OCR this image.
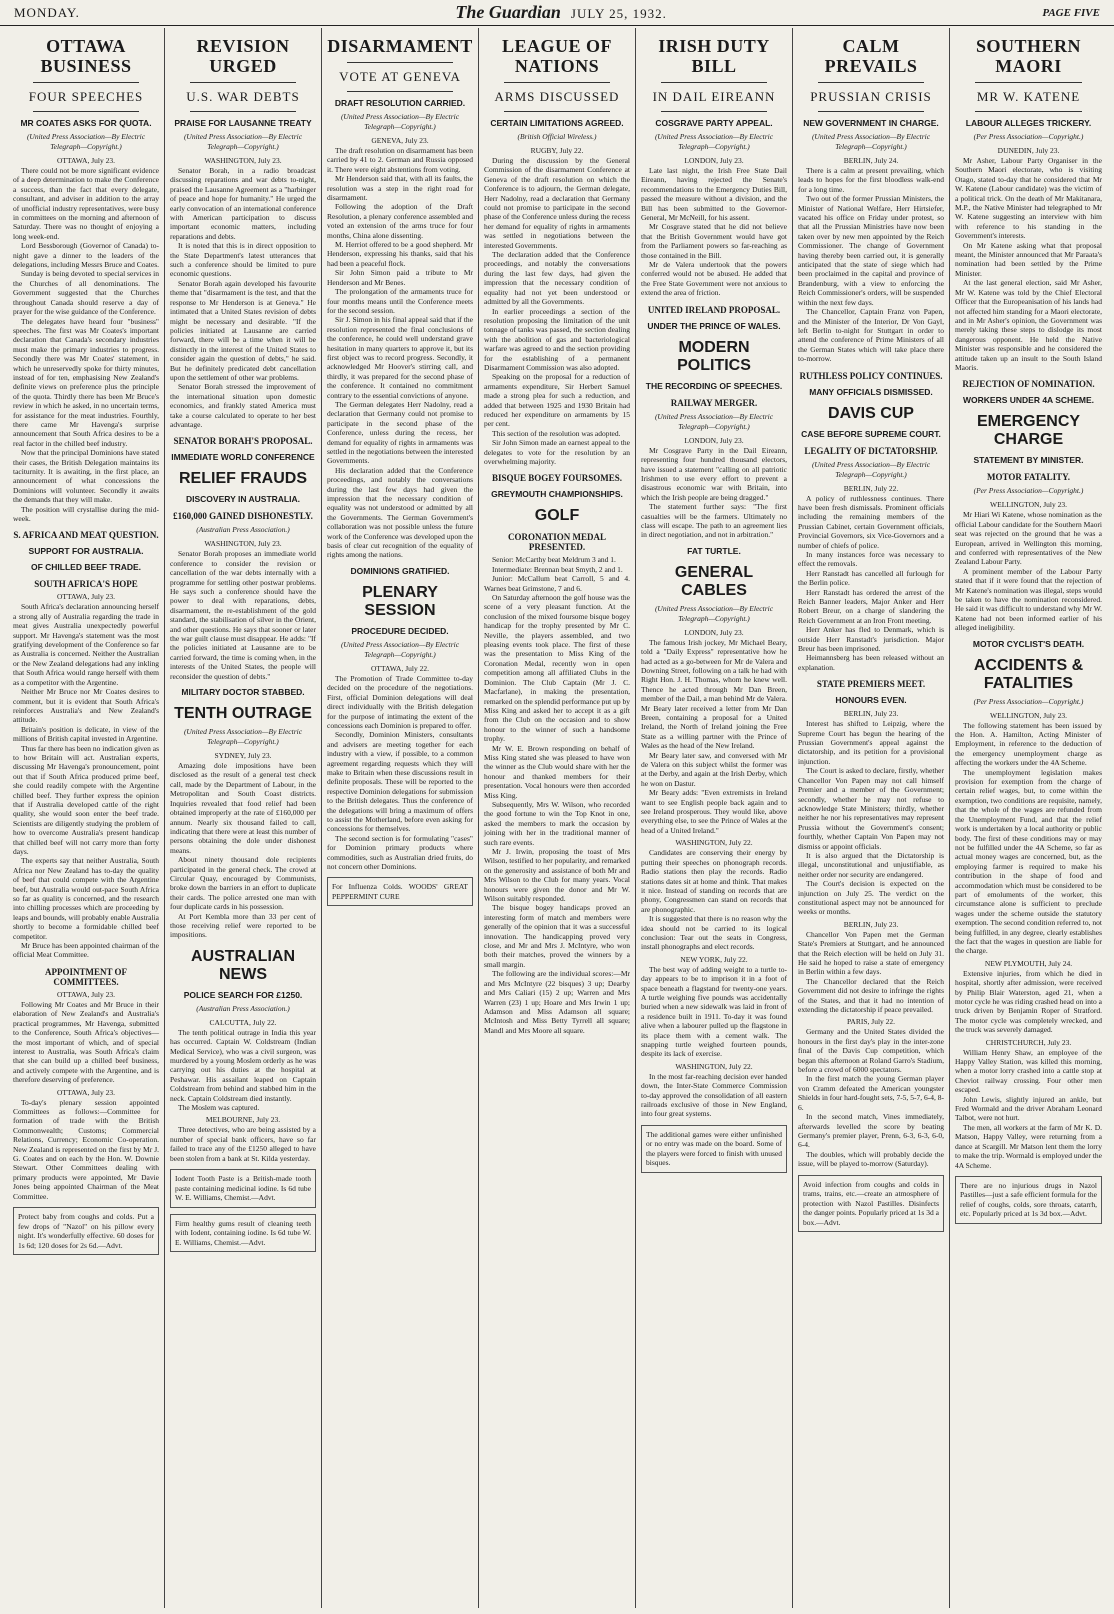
MONDAY.	The Guardian JULY 25, 1932.	PAGE FIVE
OTTAWA BUSINESS
FOUR SPEECHES
MR COATES ASKS FOR QUOTA.
(United Press Association—By Electric Telegraph—Copyright.)
OTTAWA, July 23.

There could not be more significant evidence of a deep determination to make the Conference a success, than the fact that every delegate, consultant, and adviser in addition to the array of unofficial industry representatives, were busy in committees on the morning and afternoon of Saturday. There was no thought of enjoying a long week-end.

Lord Bessborough (Governor of Canada) to-night gave a dinner to the leaders of the delegations, including Messrs Bruce and Coates.

Sunday is being devoted to special services in the Churches of all denominations. The Government suggested that the Churches throughout Canada should reserve a day of prayer for the wise guidance of the Conference.

The delegates have heard four "business" speeches. The first was Mr Coates's important declaration that Canada's secondary industries must make the primary industries to progress. Secondly there was Mr Coates' statement, in which he unreservedly spoke for thirty minutes, instead of for ten, emphasising New Zealand's definite views on preference plus the principle of the quota. Thirdly there has been Mr Bruce's review in which he asked, in no uncertain terms, for assistance for the meat industries. Fourthly, there came Mr Havenga's surprise announcement that South Africa desires to be a real factor in the chilled beef industry.

Now that the principal Dominions have stated their cases, the British Delegation maintains its taciturnity. It is awaiting, in the first place, an announcement of what concessions the Dominions will volunteer. Secondly it awaits the demands that they will make.

The position will crystallise during the mid-week.

S. AFRICA AND MEAT QUESTION.
SUPPORT FOR AUSTRALIA.
OF CHILLED BEEF TRADE.
SOUTH AFRICA'S HOPE
OTTAWA, July 23.

South Africa's declaration announcing herself a strong ally of Australia regarding the trade in meat gives Australia unexpectedly powerful support. Mr Havenga's statement was the most gratifying development of the Conference so far as Australia is concerned. Neither the Australian or the New Zealand delegations had any inkling that South Africa would range herself with them as a competitor with the Argentine.

Neither Mr Bruce nor Mr Coates desires to comment, but it is evident that South Africa's reinforces Australia's and New Zealand's attitude.

Britain's position is delicate, in view of the millions of British capital invested in Argentine.

Thus far there has been no indication given as to how Britain will act. Australian experts, discussing Mr Havenga's pronouncement, point out that if South Africa produced prime beef, she could readily compete with the Argentine chilled beef. They further express the opinion that if Australia developed cattle of the right quality, she would soon enter the beef trade. Scientists are diligently studying the problem of how to overcome Australia's present handicap that chilled beef will not carry more than forty days.

The experts say that neither Australia, South Africa nor New Zealand has to-day the quality of beef that could compete with the Argentine beef, but Australia would out-pace South Africa so far as quality is concerned, and the research into chilling processes which are proceeding by leaps and bounds, will probably enable Australia shortly to become a formidable chilled beef competitor.

Mr Bruce has been appointed chairman of the official Meat Committee.

APPOINTMENT OF COMMITTEES.
OTTAWA, July 23.

Following Mr Coates and Mr Bruce in their elaboration of New Zealand's and Australia's practical programmes, Mr Havenga, submitted to the Conference, South Africa's objectives—the most important of which, and of special interest to Australia, was South Africa's claim that she can build up a chilled beef business, and actively compete with the Argentine, and is therefore deserving of preference.

OTTAWA, July 23.

To-day's plenary session appointed Committees as follows:—Committee for formation of trade with the British Commonwealth; Customs; Commercial Relations, Currency; Economic Co-operation. New Zealand is represented on the first by Mr J. G. Coates and on each by the Hon. W. Downie Stewart. Other Committees dealing with primary products were appointed, Mr Davie Jones being appointed Chairman of the Meat Committee.

Protect baby from coughs and colds. Put a few drops of "Nazol" on his pillow every night. It's wonderfully effective. 60 doses for 1s 6d; 120 doses for 2s 6d.—Advt.
REVISION URGED
U.S. WAR DEBTS
PRAISE FOR LAUSANNE TREATY
(United Press Association—By Electric Telegraph—Copyright.)
WASHINGTON, July 23.

Senator Borah, in a radio broadcast discussing reparations and war debts to-night, praised the Lausanne Agreement as a "harbinger of peace and hope for humanity." He urged the early convocation of an international conference with American participation to discuss important economic matters, including reparations and debts.

It is noted that this is in direct opposition to the State Department's latest utterances that such a conference should be limited to pure economic questions.

Senator Borah again developed his favourite theme that "disarmament is the test, and that the response to Mr Henderson is at Geneva." He intimated that a United States revision of debts might be necessary and desirable. "If the policies initiated at Lausanne are carried forward, there will be a time when it will be distinctly in the interest of the United States to consider again the question of debts," he said. But he definitely predicated debt cancellation upon the settlement of other war problems.

Senator Borah stressed the improvement of the international situation upon domestic economics, and frankly stated America must take a course calculated to operate to her best advantage.

SENATOR BORAH'S PROPOSAL.
IMMEDIATE WORLD CONFERENCE
RELIEF FRAUDS
DISCOVERY IN AUSTRALIA.
£160,000 GAINED DISHONESTLY.
(Australian Press Association.)
WASHINGTON, July 23.

Senator Borah proposes an immediate world conference to consider the revision or cancellation of the war debts internally with a programme for settling other postwar problems. He says such a conference should have the power to deal with reparations, debts, disarmament, the re-establishment of the gold standard, the stabilisation of silver in the Orient, and other questions. He says that sooner or later the war guilt clause must disappear. He adds: "If the policies initiated at Lausanne are to be carried forward, the time is coming when, in the interests of the United States, the people will reconsider the question of debts."

MILITARY DOCTOR STABBED.
TENTH OUTRAGE
(United Press Association—By Electric Telegraph—Copyright.)
SYDNEY, July 23.

Amazing dole impositions have been disclosed as the result of a general test check call, made by the Department of Labour, in the Metropolitan and South Coast districts. Inquiries revealed that food relief had been obtained improperly at the rate of £160,000 per annum. Nearly six thousand failed to call, indicating that there were at least this number of persons obtaining the dole under dishonest means.

About ninety thousand dole recipients participated in the general check. The crowd at Circular Quay, encouraged by Communists, broke down the barriers in an effort to duplicate their cards. The police arrested one man with four duplicate cards in his possession.

At Port Kembla more than 33 per cent of those receiving relief were reported to be impositions.

AUSTRALIAN NEWS
POLICE SEARCH FOR £1250.
(Australian Press Association.)
CALCUTTA, July 22.

The tenth political outrage in India this year has occurred. Captain W. Coldstream (Indian Medical Service), who was a civil surgeon, was murdered by a young Moslem orderly as he was carrying out his duties at the hospital at Peshawar. His assailant leaped on Captain Coldstream from behind and stabbed him in the neck. Captain Coldstream died instantly.

The Moslem was captured.

MELBOURNE, July 23.

Three detectives, who are being assisted by a number of special bank officers, have so far failed to trace any of the £1250 alleged to have been stolen from a bank at St. Kilda yesterday.

Iodent Tooth Paste is a British-made tooth paste containing medicinal iodine. Is 6d tube W. E. Williams, Chemist.—Advt.
Firm healthy gums result of cleaning teeth with Iodent, containing iodine. Is 6d tube W. E. Williams, Chemist.—Advt.
DISARMAMENT
VOTE AT GENEVA
DRAFT RESOLUTION CARRIED.
(United Press Association—By Electric Telegraph—Copyright.)
GENEVA, July 23.

The draft resolution on disarmament has been carried by 41 to 2. German and Russia opposed it. There were eight abstentions from voting.

Mr Henderson said that, with all its faults, the resolution was a step in the right road for disarmament.

Following the adoption of the Draft Resolution, a plenary conference assembled and voted an extension of the arms truce for four months, China alone dissenting.

M. Herriot offered to be a good shepherd. Mr Henderson, expressing his thanks, said that his had been a peaceful flock.

Sir John Simon paid a tribute to Mr Henderson and Mr Benes.

The prolongation of the armaments truce for four months means until the Conference meets for the second session.

Sir J. Simon in his final appeal said that if the resolution represented the final conclusions of the conference, he could well understand grave hesitation in many quarters to approve it, but its first object was to record progress. Secondly, it acknowledged Mr Hoover's stirring call, and thirdly, it was prepared for the second phase of the conference. It contained no commitment contrary to the essential convictions of anyone.

The German delegates Herr Nadolny, read a declaration that Germany could not promise to participate in the second phase of the Conference, unless during the recess, her demand for equality of rights in armaments was settled in the negotiations between the interested Governments.

His declaration added that the Conference proceedings, and notably the conversations during the last few days had given the impression that the necessary condition of equality was not understood or admitted by all the Governments. The German Government's collaboration was not possible unless the future work of the Conference was developed upon the basis of clear cut recognition of the equality of rights among the nations.

DOMINIONS GRATIFIED.
PLENARY SESSION
PROCEDURE DECIDED.
(United Press Association—By Electric Telegraph—Copyright.)
OTTAWA, July 22.

The Promotion of Trade Committee to-day decided on the procedure of the negotiations. First, official Dominion delegations will deal direct individually with the British delegation for the purpose of intimating the extent of the concessions each Dominion is prepared to offer.

Secondly, Dominion Ministers, consultants and advisers are meeting together for each industry with a view, if possible, to a common agreement regarding requests which they will make to Britain when these discussions result in definite proposals. These will be reported to the respective Dominion delegations for submission to the British delegates. Thus the conference of the delegations will bring a maximum of offers to assist the Motherland, before even asking for concessions for themselves.

The second section is for formulating "cases" for Dominion primary products where commodities, such as Australian dried fruits, do not concern other Dominions.

For Influenza Colds. WOODS' GREAT PEPPERMINT CURE
LEAGUE OF NATIONS
ARMS DISCUSSED
CERTAIN LIMITATIONS AGREED.
(British Official Wireless.)
RUGBY, July 22.

During the discussion by the General Commission of the disarmament Conference at Geneva of the draft resolution on which the Conference is to adjourn, the German delegate, Herr Nadolny, read a declaration that Germany could not promise to participate in the second phase of the Conference unless during the recess her demand for equality of rights in armaments was settled in negotiations between the interested Governments.

The declaration added that the Conference proceedings, and notably the conversations during the last few days, had given the impression that the necessary condition of equality had not yet been understood or admitted by all the Governments.

In earlier proceedings a section of the resolution proposing the limitation of the unit tonnage of tanks was passed, the section dealing with the abolition of gas and bacteriological warfare was agreed to and the section providing for the establishing of a permanent Disarmament Commission was also adopted.

Speaking on the proposal for a reduction of armaments expenditure, Sir Herbert Samuel made a strong plea for such a reduction, and added that between 1925 and 1930 Britain had reduced her expenditure on armaments by 15 per cent.

This section of the resolution was adopted.

Sir John Simon made an earnest appeal to the delegates to vote for the resolution by an overwhelming majority.

BISQUE BOGEY FOURSOMES.
GREYMOUTH CHAMPIONSHIPS.
GOLF
CORONATION MEDAL PRESENTED.

Senior: McCarthy beat Meldrum 3 and 1.

Intermediate: Brennan beat Smyth, 2 and 1.

Junior: McCallum beat Carroll, 5 and 4. Warnes beat Grimstone, 7 and 6.

On Saturday afternoon the golf house was the scene of a very pleasant function. At the conclusion of the mixed foursome bisque bogey handicap for the trophy presented by Mr C. Neville, the players assembled, and two pleasing events took place. The first of these was the presentation to Miss King of the Coronation Medal, recently won in open competition among all affiliated Clubs in the Dominion. The Club Captain (Mr J. C. Macfarlane), in making the presentation, remarked on the splendid performance put up by Miss King and asked her to accept it as a gift from the Club on the occasion and to show honour to the winner of such a handsome trophy.

Mr W. E. Brown responding on behalf of Miss King stated she was pleased to have won the winner as the Club would share with her the honour and thanked members for their presentation. Vocal honours were then accorded Miss King.

Subsequently, Mrs W. Wilson, who recorded the good fortune to win the Top Knot in one, asked the members to mark the occasion by joining with her in the traditional manner of such rare events.

Mr J. Irwin, proposing the toast of Mrs Wilson, testified to her popularity, and remarked on the generosity and assistance of both Mr and Mrs Wilson to the Club for many years. Vocal honours were given the donor and Mr W. Wilson suitably responded.

The bisque bogey handicaps proved an interesting form of match and members were generally of the opinion that it was a successful innovation. The handicapping proved very close, and Mr and Mrs J. McIntyre, who won both their matches, proved the winners by a small margin.

The following are the individual scores:—Mr and Mrs McIntyre (22 bisques) 3 up; Dearby and Mrs Caliari (15) 2 up; Warren and Mrs Warren (23) 1 up; Hoare and Mrs Irwin 1 up; Adamson and Miss Adamson all square; McIntosh and Miss Betty Tyrrell all square; Mandl and Mrs Moore all square.

IRISH DUTY BILL
IN DAIL EIREANN
COSGRAVE PARTY APPEAL.
(United Press Association—By Electric Telegraph—Copyright.)
LONDON, July 23.

Late last night, the Irish Free State Dail Eireann, having rejected the Senate's recommendations to the Emergency Duties Bill, passed the measure without a division, and the Bill has been submitted to the Governor-General, Mr McNeill, for his assent.

Mr Cosgrave stated that he did not believe that the British Government would have got from the Parliament powers so far-reaching as those contained in the Bill.

Mr de Valera undertook that the powers conferred would not be abused. He added that the Free State Government were not anxious to extend the area of friction.

UNITED IRELAND PROPOSAL.
UNDER THE PRINCE OF WALES.
MODERN POLITICS
THE RECORDING OF SPEECHES.
RAILWAY MERGER.
(United Press Association—By Electric Telegraph—Copyright.)
LONDON, July 23.

Mr Cosgrave Party in the Dail Eireann, representing four hundred thousand electors, have issued a statement "calling on all patriotic Irishmen to use every effort to prevent a disastrous economic war with Britain, into which the Irish people are being dragged."

The statement further says: "The first casualties will be the farmers. Ultimately no class will escape. The path to an agreement lies in direct negotiation, and not in arbitration."

FAT TURTLE.
GENERAL CABLES
(United Press Association—By Electric Telegraph—Copyright.)
LONDON, July 23.

The famous Irish jockey, Mr Michael Beary, told a "Daily Express" representative how he had acted as a go-between for Mr de Valera and Downing Street, following on a talk he had with Right Hon. J. H. Thomas, whom he knew well. Thence he acted through Mr Dan Breen, member of the Dail, a man behind Mr de Valera. Mr Beary later received a letter from Mr Dan Breen, containing a proposal for a United Ireland, the North of Ireland joining the Free State as a willing partner with the Prince of Wales as the head of the New Ireland.

Mr Beary later saw, and conversed with Mr de Valera on this subject whilst the former was at the Derby, and again at the Irish Derby, which he won on Dastur.

Mr Beary adds: "Even extremists in Ireland want to see English people back again and to see Ireland prosperous. They would like, above everything else, to see the Prince of Wales at the head of a United Ireland."

WASHINGTON, July 22.

Candidates are conserving their energy by putting their speeches on phonograph records. Radio stations then play the records. Radio stations dates sit at home and think. That makes it nice. Instead of standing on records that are phony, Congressmen can stand on records that are phonographic.

It is suggested that there is no reason why the idea should not be carried to its logical conclusion: Tear out the seats in Congress, install phonographs and elect records.

NEW YORK, July 22.

The best way of adding weight to a turtle to-day appears to be to imprison it in a foot of space beneath a flagstand for twenty-one years. A turtle weighing five pounds was accidentally buried when a new sidewalk was laid in front of a residence built in 1911. To-day it was found alive when a labourer pulled up the flagstone in its place them with a cement walk. The snapping turtle weighed fourteen pounds, despite its lack of exercise.

WASHINGTON, July 22.

In the most far-reaching decision ever handed down, the Inter-State Commerce Commission to-day approved the consolidation of all eastern railroads exclusive of those in New England, into four great systems.

The additional games were either unfinished or no entry was made on the board. Some of the players were forced to finish with unused bisques.
CALM PREVAILS
PRUSSIAN CRISIS
NEW GOVERNMENT IN CHARGE.
(United Press Association—By Electric Telegraph—Copyright.)
BERLIN, July 24.

There is a calm at present prevailing, which leads to hopes for the first bloodless walk-end for a long time.

Two out of the former Prussian Ministers, the Minister of National Welfare, Herr Hirtsiefer, vacated his office on Friday under protest, so that all the Prussian Ministries have now been taken over by new men appointed by the Reich Commissioner. The change of Government having thereby been carried out, it is generally anticipated that the state of siege which had been proclaimed in the capital and province of Brandenburg, with a view to enforcing the Reich Commissioner's orders, will be suspended within the next few days.

The Chancellor, Captain Franz von Papen, and the Minister of the Interior, Dr Von Gayl, left Berlin to-night for Stuttgart in order to attend the conference of Prime Ministers of all the German States which will take place there to-morrow.

RUTHLESS POLICY CONTINUES.
MANY OFFICIALS DISMISSED.
DAVIS CUP
CASE BEFORE SUPREME COURT.
LEGALITY OF DICTATORSHIP.
(United Press Association—By Electric Telegraph—Copyright.)
BERLIN, July 22.

A policy of ruthlessness continues. There have been fresh dismissals. Prominent officials including the remaining members of the Prussian Cabinet, certain Government officials, Provincial Governors, six Vice-Governors and a number of chiefs of police.

In many instances force was necessary to effect the removals.

Herr Ranstadt has cancelled all furlough for the Berlin police.

Herr Ranstadt has ordered the arrest of the Reich Banner leaders, Major Anker and Herr Robert Breur, on a charge of slandering the Reich Government at an Iron Front meeting.

Herr Anker has fled to Denmark, which is outside Herr Ranstadt's jurisdiction. Major Breur has been imprisoned.

Heimannsberg has been released without an explanation.

STATE PREMIERS MEET.
HONOURS EVEN.
BERLIN, July 23.

Interest has shifted to Leipzig, where the Supreme Court has begun the hearing of the Prussian Government's appeal against the dictatorship, and its petition for a provisional injunction.

The Court is asked to declare, firstly, whether Chancellor Von Papen may not call himself Premier and a member of the Government; secondly, whether he may not refuse to acknowledge State Ministers; thirdly, whether neither he nor his representatives may represent Prussia without the Government's consent; fourthly, whether Captain Von Papen may not dismiss or appoint officials.

It is also argued that the Dictatorship is illegal, unconstitutional and unjustifiable, as neither order nor security are endangered.

The Court's decision is expected on the injunction on July 25. The verdict on the constitutional aspect may not be announced for weeks or months.

BERLIN, July 23.

Chancellor Von Papen met the German State's Premiers at Stuttgart, and he announced that the Reich election will be held on July 31. He said he hoped to raise a state of emergency in Berlin within a few days.

The Chancellor declared that the Reich Government did not desire to infringe the rights of the States, and that it had no intention of extending the dictatorship if peace prevailed.

PARIS, July 22.

Germany and the United States divided the honours in the first day's play in the inter-zone final of the Davis Cup competition, which began this afternoon at Roland Garro's Stadium, before a crowd of 6000 spectators.

In the first match the young German player von Cramm defeated the American youngster Shields in four hard-fought sets, 7-5, 5-7, 6-4, 8-6.

In the second match, Vines immediately, afterwards levelled the score by beating Germany's premier player, Prenn, 6-3, 6-3, 6-0, 6-4.

The doubles, which will probably decide the issue, will be played to-morrow (Saturday).

Avoid infection from coughs and colds in trams, trains, etc.—create an atmosphere of protection with Nazol Pastilles. Disinfects the danger points. Popularly priced at 1s 3d a box.—Advt.
SOUTHERN MAORI
MR W. KATENE
LABOUR ALLEGES TRICKERY.
(Per Press Association—Copyright.)
DUNEDIN, July 23.

Mr Asher, Labour Party Organiser in the Southern Maori electorate, who is visiting Otago, stated to-day that he considered that Mr W. Katene (Labour candidate) was the victim of a political trick. On the death of Mr Makitanara, M.P., the Native Minister had telegraphed to Mr W. Katene suggesting an interview with him with reference to his standing in the Government's interests.

On Mr Katene asking what that proposal meant, the Minister announced that Mr Paraata's nomination had been settled by the Prime Minister.

At the last general election, said Mr Asher, Mr W. Katene was told by the Chief Electoral Officer that the Europeanisation of his lands had not affected him standing for a Maori electorate, and in Mr Asher's opinion, the Government was merely taking these steps to dislodge its most dangerous opponent. He held the Native Minister was responsible and he considered the attitude taken up an insult to the South Island Maoris.

REJECTION OF NOMINATION.
WORKERS UNDER 4A SCHEME.
EMERGENCY CHARGE
STATEMENT BY MINISTER.
MOTOR FATALITY.
(Per Press Association—Copyright.)
WELLINGTON, July 23.

Mr Hiari Wi Katene, whose nomination as the official Labour candidate for the Southern Maori seat was rejected on the ground that he was a European, arrived in Wellington this morning, and conferred with representatives of the New Zealand Labour Party.

A prominent member of the Labour Party stated that if it were found that the rejection of Mr Katene's nomination was illegal, steps would be taken to have the nomination reconsidered. He said it was difficult to understand why Mr W. Katene had not been informed earlier of his alleged ineligibility.

MOTOR CYCLIST'S DEATH.
ACCIDENTS & FATALITIES
(Per Press Association—Copyright.)
WELLINGTON, July 23.

The following statement has been issued by the Hon. A. Hamilton, Acting Minister of Employment, in reference to the deduction of the emergency unemployment charge as affecting the workers under the 4A Scheme.

The unemployment legislation makes provision for exemption from the charge of certain relief wages, but, to come within the exemption, two conditions are requisite, namely, that the whole of the wages are refunded from the Unemployment Fund, and that the relief work is undertaken by a local authority or public body. The first of these conditions may or may not be fulfilled under the 4A Scheme, so far as actual money wages are concerned, but, as the employing farmer is required to make his contribution in the shape of food and accommodation which must be considered to be part of emoluments of the worker, this circumstance alone is sufficient to preclude wages under the scheme outside the statutory exemption. The second condition referred to, not being fulfilled, in any degree, clearly establishes the fact that the wages in question are liable for the charge.

NEW PLYMOUTH, July 24.

Extensive injuries, from which he died in hospital, shortly after admission, were received by Philip Blair Waterston, aged 21, when a motor cycle he was riding crashed head on into a truck driven by Benjamin Roper of Stratford. The motor cycle was completely wrecked, and the truck was severely damaged.

CHRISTCHURCH, July 23.

William Henry Shaw, an employee of the Happy Valley Station, was killed this morning, when a motor lorry crashed into a cattle stop at Cheviot railway crossing. Four other men escaped.

John Lewis, slightly injured an ankle, but Fred Wormald and the driver Abraham Leonard Talbot, were not hurt.

The men, all workers at the farm of Mr K. D. Matson, Happy Valley, were returning from a dance at Scargill. Mr Matson lent them the lorry to make the trip. Wormald is employed under the 4A Scheme.

There are no injurious drugs in Nazol Pastilles—just a safe efficient formula for the relief of coughs, colds, sore throats, catarrh, etc. Popularly priced at 1s 3d box.—Advt.
